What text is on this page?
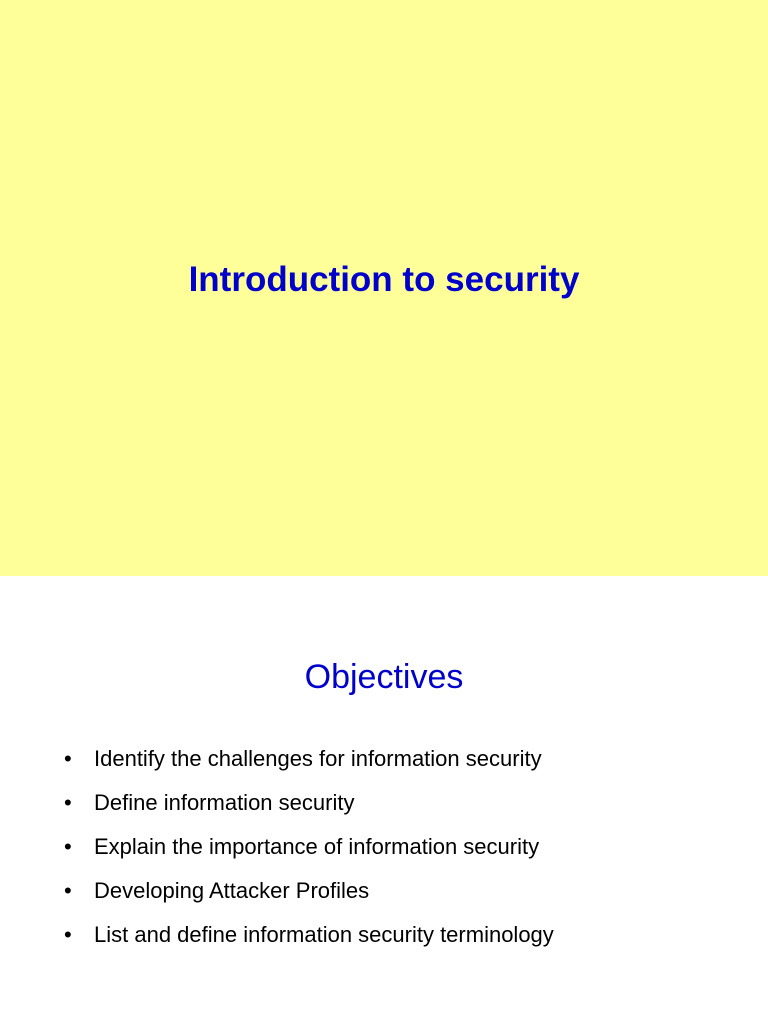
Introduction to security
Objectives
•	Identify the challenges for information security
•	Define information security
•	Explain the importance of information security
•	Developing Attacker Profiles
•	List and define information security terminology
